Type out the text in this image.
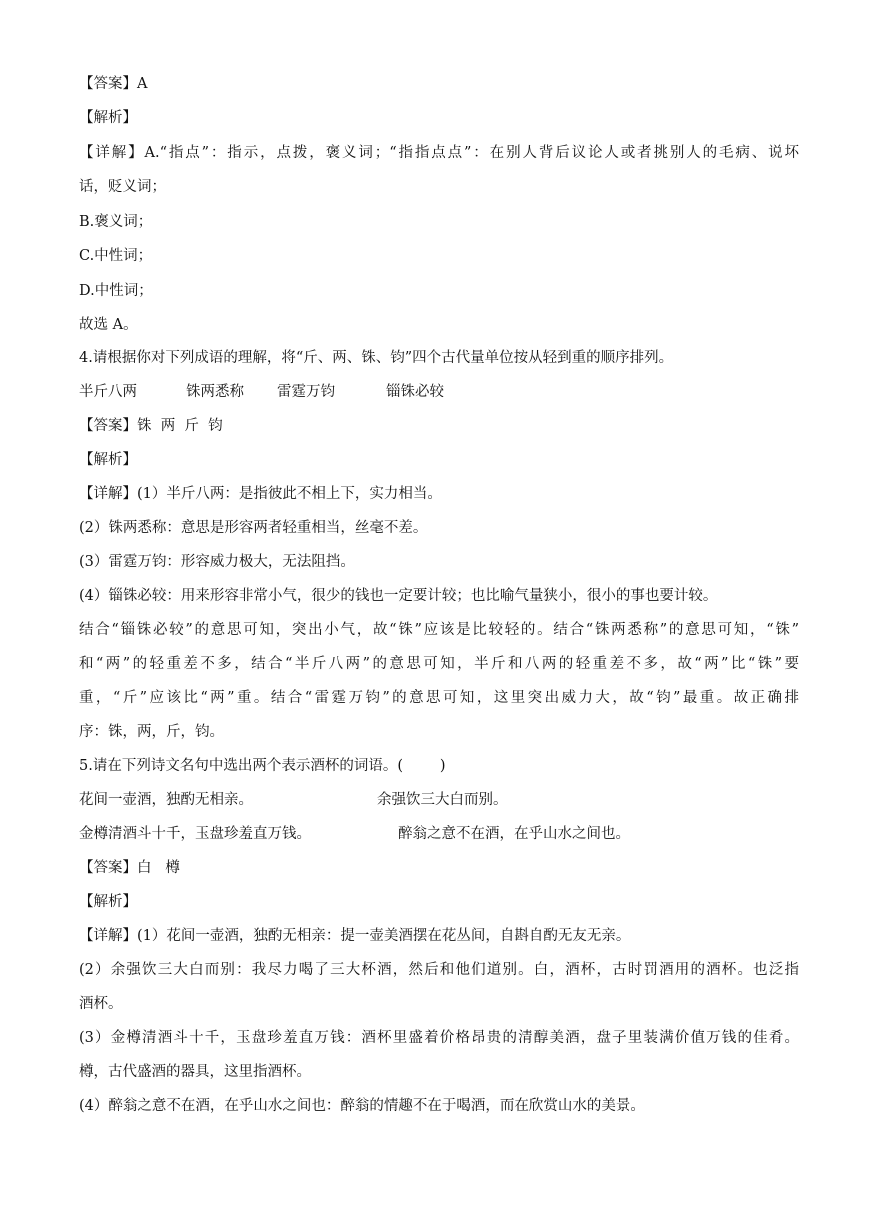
【答案】A

【解析】

【详解】A.“指点”：指示，点拨，褒义词；“指指点点”：在别人背后议论人或者挑别人的毛病、说坏

话，贬义词；

B.褒义词；

C.中性词；

D.中性词；

故选 A。

4.请根据你对下列成语的理解，将“斤、两、铢、钧”四个古代量单位按从轻到重的顺序排列。

半斤八两

	铢两悉称

雷霆万钧

	锱铢必较

【答案】铢  两  斤  钧

【解析】

【详解】(1）半斤八两：是指彼此不相上下，实力相当。

(2）铢两悉称：意思是形容两者轻重相当，丝毫不差。

(3）雷霆万钧：形容威力极大，无法阻挡。

(4）锱铢必较：用来形容非常小气，很少的钱也一定要计较；也比喻气量狭小，很小的事也要计较。

结合“锱铢必较”的意思可知，突出小气，故“铢”应该是比较轻的。结合“铢两悉称”的意思可知，“铢”

和“两”的轻重差不多，结合“半斤八两”的意思可知，半斤和八两的轻重差不多，故“两”比“铢”要

重，“斤”应该比“两”重。结合“雷霆万钧”的意思可知，这里突出威力大，故“钧”最重。故正确排

序：铢，两，斤，钧。

5.请在下列诗文名句中选出两个表示酒杯的词语。(        )

花间一壶酒，独酌无相亲。

	余强饮三大白而别。

金樽清酒斗十千，玉盘珍羞直万钱。

	醉翁之意不在酒，在乎山水之间也。

【答案】白   樽

【解析】

【详解】(1）花间一壶酒，独酌无相亲：提一壶美酒摆在花丛间，自斟自酌无友无亲。

(2）余强饮三大白而别：我尽力喝了三大杯酒，然后和他们道别。白，酒杯，古时罚酒用的酒杯。也泛指

酒杯。

(3）金樽清酒斗十千，玉盘珍羞直万钱：酒杯里盛着价格昂贵的清醇美酒，盘子里装满价值万钱的佳肴。

樽，古代盛酒的器具，这里指酒杯。

(4）醉翁之意不在酒，在乎山水之间也：醉翁的情趣不在于喝酒，而在欣赏山水的美景。
